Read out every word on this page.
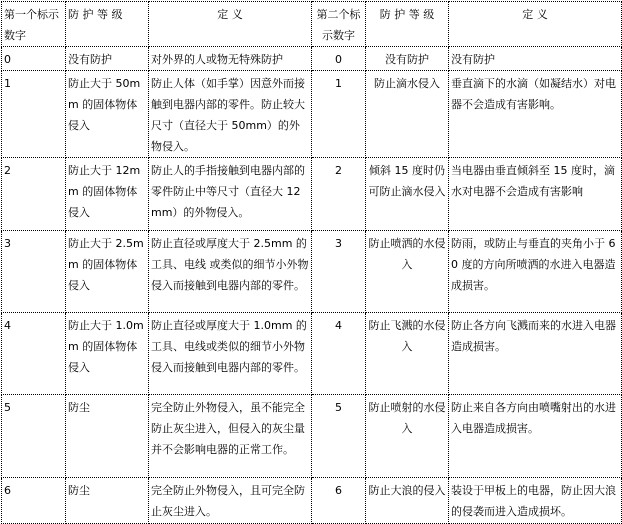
第一个标示数字	防 护 等 级	定 义	第二个标示数字	防 护 等 级	定 义
0	没有防护	对外界的人或物无特殊防护	0	没有防护	没有防护
1	防止大于 50mm 的固体物体侵入	防止人体（如手掌）因意外而接触到电器内部的零件。防止较大尺寸（直径大于 50mm）的外物侵入。	1	防止滴水侵入	垂直滴下的水滴（如凝结水）对电器不会造成有害影响。
2	防止大于 12mm 的固体物体侵入	防止人的手指接触到电器内部的零件防止中等尺寸（直径大 12mm）的外物侵入。	2	倾斜 15 度时仍可防止滴水侵入	当电器由垂直倾斜至 15 度时，滴水对电器不会造成有害影响
3	防止大于 2.5mm 的固体物体侵入	防止直径或厚度大于 2.5mm 的工具、电线 或类似的细节小外物侵入而接触到电器内部的零件。	3	防止喷洒的水侵入	防雨，或防止与垂直的夹角小于 60 度的方向所喷洒的水进入电器造成损害。
4	防止大于 1.0mm 的固体物体侵入	防止直径或厚度大于 1.0mm 的工具、电线或类似的细节小外物侵入而接触到电器内部的零件。	4	防止飞溅的水侵入	防止各方向飞溅而来的水进入电器造成损害。
5	防尘	完全防止外物侵入，虽不能完全防止灰尘进入，但侵入的灰尘量并不会影响电器的正常工作。	5	防止喷射的水侵入	防止来自各方向由喷嘴射出的水进入电器造成损害。
6	防尘	完全防止外物侵入，且可完全防止灰尘进入。	6	防止大浪的侵入	装设于甲板上的电器，防止因大浪的侵袭而进入造成损坏。
